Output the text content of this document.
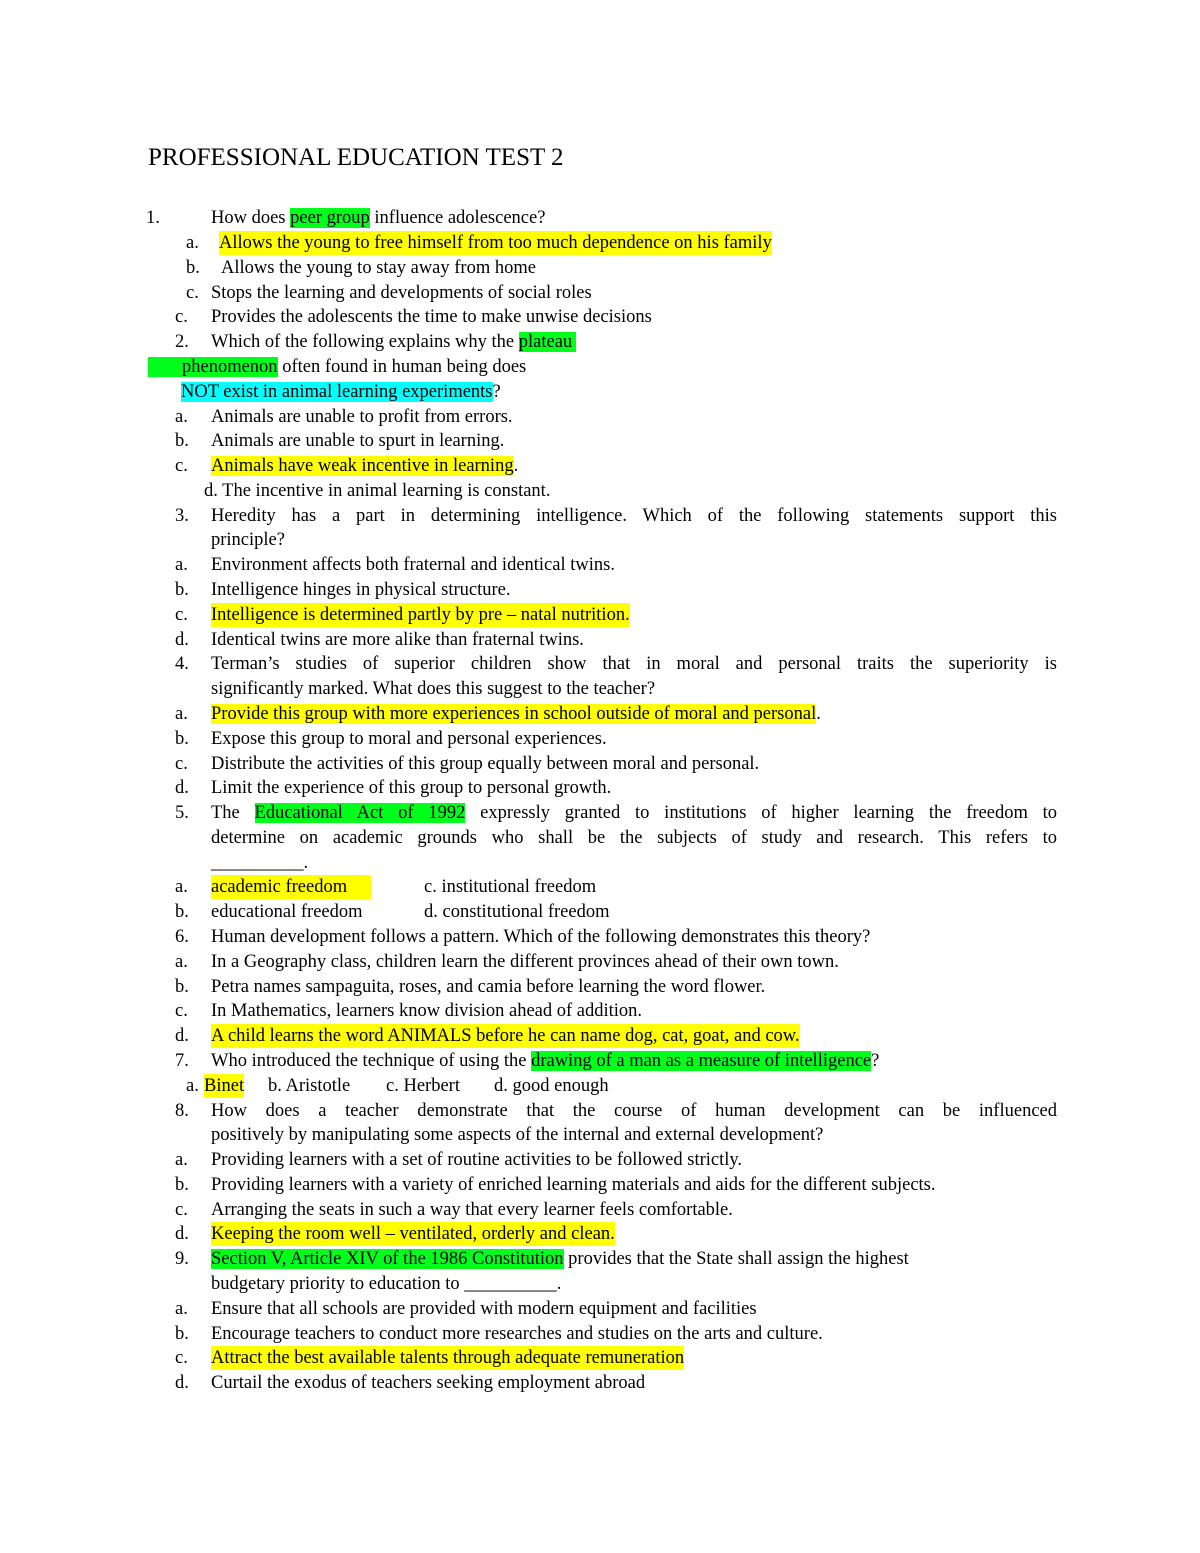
PROFESSIONAL EDUCATION TEST 2
1.	How does peer group influence adolescence?
a. Allows the young to free himself from too much dependence on his family
b. Allows the young to stay away from home
c. Stops the learning and developments of social roles
c. Provides the adolescents the time to make unwise decisions
2. Which of the following explains why the plateau
phenomenon often found in human being does
NOT exist in animal learning experiments?
a. Animals are unable to profit from errors.
b. Animals are unable to spurt in learning.
c. Animals have weak incentive in learning.
d. The incentive in animal learning is constant.
3. Heredity has a part in determining intelligence. Which of the following statements support this
principle?
a. Environment affects both fraternal and identical twins.
b. Intelligence hinges in physical structure.
c. Intelligence is determined partly by pre – natal nutrition.
d. Identical twins are more alike than fraternal twins.
4. Terman’s studies of superior children show that in moral and personal traits the superiority is
significantly marked. What does this suggest to the teacher?
a. Provide this group with more experiences in school outside of moral and personal.
b. Expose this group to moral and personal experiences.
c. Distribute the activities of this group equally between moral and personal.
d. Limit the experience of this group to personal growth.
5. The Educational Act of 1992 expressly granted to institutions of higher learning the freedom to
determine on academic grounds who shall be the subjects of study and research. This refers to
__________.
a. academic freedom	c. institutional freedom
b. educational freedom	d. constitutional freedom
6. Human development follows a pattern. Which of the following demonstrates this theory?
a. In a Geography class, children learn the different provinces ahead of their own town.
b. Petra names sampaguita, roses, and camia before learning the word flower.
c. In Mathematics, learners know division ahead of addition.
d. A child learns the word ANIMALS before he can name dog, cat, goat, and cow.
7. Who introduced the technique of using the drawing of a man as a measure of intelligence?
a. Binet b. Aristotle c. Herbert d. good enough
8. How does a teacher demonstrate that the course of human development can be influenced
positively by manipulating some aspects of the internal and external development?
a. Providing learners with a set of routine activities to be followed strictly.
b. Providing learners with a variety of enriched learning materials and aids for the different subjects.
c. Arranging the seats in such a way that every learner feels comfortable.
d. Keeping the room well – ventilated, orderly and clean.
9. Section V, Article XIV of the 1986 Constitution provides that the State shall assign the highest
budgetary priority to education to __________.
a. Ensure that all schools are provided with modern equipment and facilities
b. Encourage teachers to conduct more researches and studies on the arts and culture.
c. Attract the best available talents through adequate remuneration
d. Curtail the exodus of teachers seeking employment abroad
